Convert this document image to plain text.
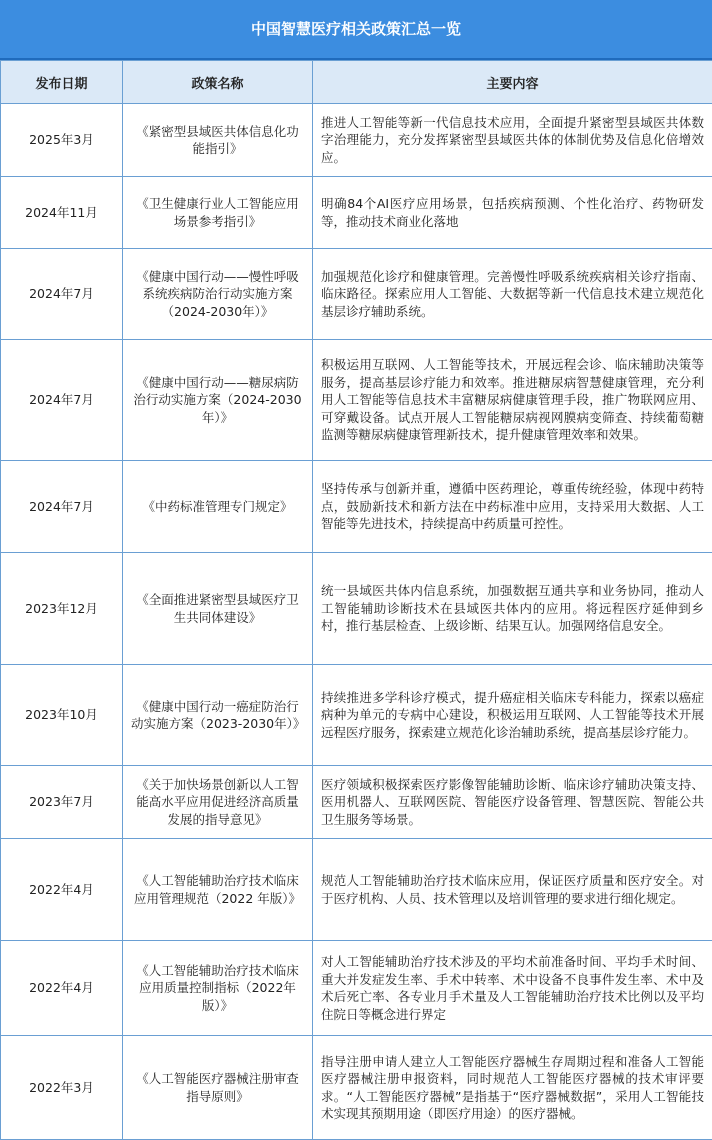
中国智慧医疗相关政策汇总一览
发布日期	政策名称	主要内容
2025年3月	《紧密型县域医共体信息化功能指引》	推进人工智能等新一代信息技术应用，全面提升紧密型县域医共体数字治理能力，充分发挥紧密型县域医共体的体制优势及信息化倍增效应。
2024年11月	《卫生健康行业人工智能应用场景参考指引》	明确84个AI医疗应用场景，包括疾病预测、个性化治疗、药物研发等，推动技术商业化落地
2024年7月	《健康中国行动——慢性呼吸系统疾病防治行动实施方案（2024-2030年）》	加强规范化诊疗和健康管理。完善慢性呼吸系统疾病相关诊疗指南、临床路径。探索应用人工智能、大数据等新一代信息技术建立规范化基层诊疗辅助系统。
2024年7月	《健康中国行动——糖尿病防治行动实施方案（2024-2030年）》	积极运用互联网、人工智能等技术，开展远程会诊、临床辅助决策等服务，提高基层诊疗能力和效率。推进糖尿病智慧健康管理，充分利用人工智能等信息技术丰富糖尿病健康管理手段，推广物联网应用、可穿戴设备。试点开展人工智能糖尿病视网膜病变筛查、持续葡萄糖监测等糖尿病健康管理新技术，提升健康管理效率和效果。
2024年7月	《中药标准管理专门规定》	坚持传承与创新并重，遵循中医药理论，尊重传统经验，体现中药特点，鼓励新技术和新方法在中药标准中应用，支持采用大数据、人工智能等先进技术，持续提高中药质量可控性。
2023年12月	《全面推进紧密型县域医疗卫生共同体建设》	统一县域医共体内信息系统，加强数据互通共享和业务协同，推动人工智能辅助诊断技术在县域医共体内的应用。将远程医疗延伸到乡村，推行基层检查、上级诊断、结果互认。加强网络信息安全。
2023年10月	《健康中国行动一癌症防治行动实施方案（2023-2030年）》	持续推进多学科诊疗模式，提升癌症相关临床专科能力，探索以癌症病种为单元的专病中心建设，积极运用互联网、人工智能等技术开展远程医疗服务，探索建立规范化诊治辅助系统，提高基层诊疗能力。
2023年7月	《关于加快场景创新以人工智能高水平应用促进经济高质量发展的指导意见》	医疗领域积极探索医疗影像智能辅助诊断、临床诊疗辅助决策支持、医用机器人、互联网医院、智能医疗设备管理、智慧医院、智能公共卫生服务等场景。
2022年4月	《人工智能辅助治疗技术临床应用管理规范（2022 年版）》	规范人工智能辅助治疗技术临床应用，保证医疗质量和医疗安全。对于医疗机构、人员、技术管理以及培训管理的要求进行细化规定。
2022年4月	《人工智能辅助治疗技术临床应用质量控制指标（2022年版）》	对人工智能辅助治疗技术涉及的平均术前准备时间、平均手术时间、重大并发症发生率、手术中转率、术中设备不良事件发生率、术中及术后死亡率、各专业月手术量及人工智能辅助治疗技术比例以及平均住院日等概念进行界定
2022年3月	《人工智能医疗器械注册审查指导原则》	指导注册申请人建立人工智能医疗器械生存周期过程和准备人工智能医疗器械注册申报资料，同时规范人工智能医疗器械的技术审评要求。“人工智能医疗器械”是指基于“医疗器械数据”，采用人工智能技术实现其预期用途（即医疗用途）的医疗器械。
